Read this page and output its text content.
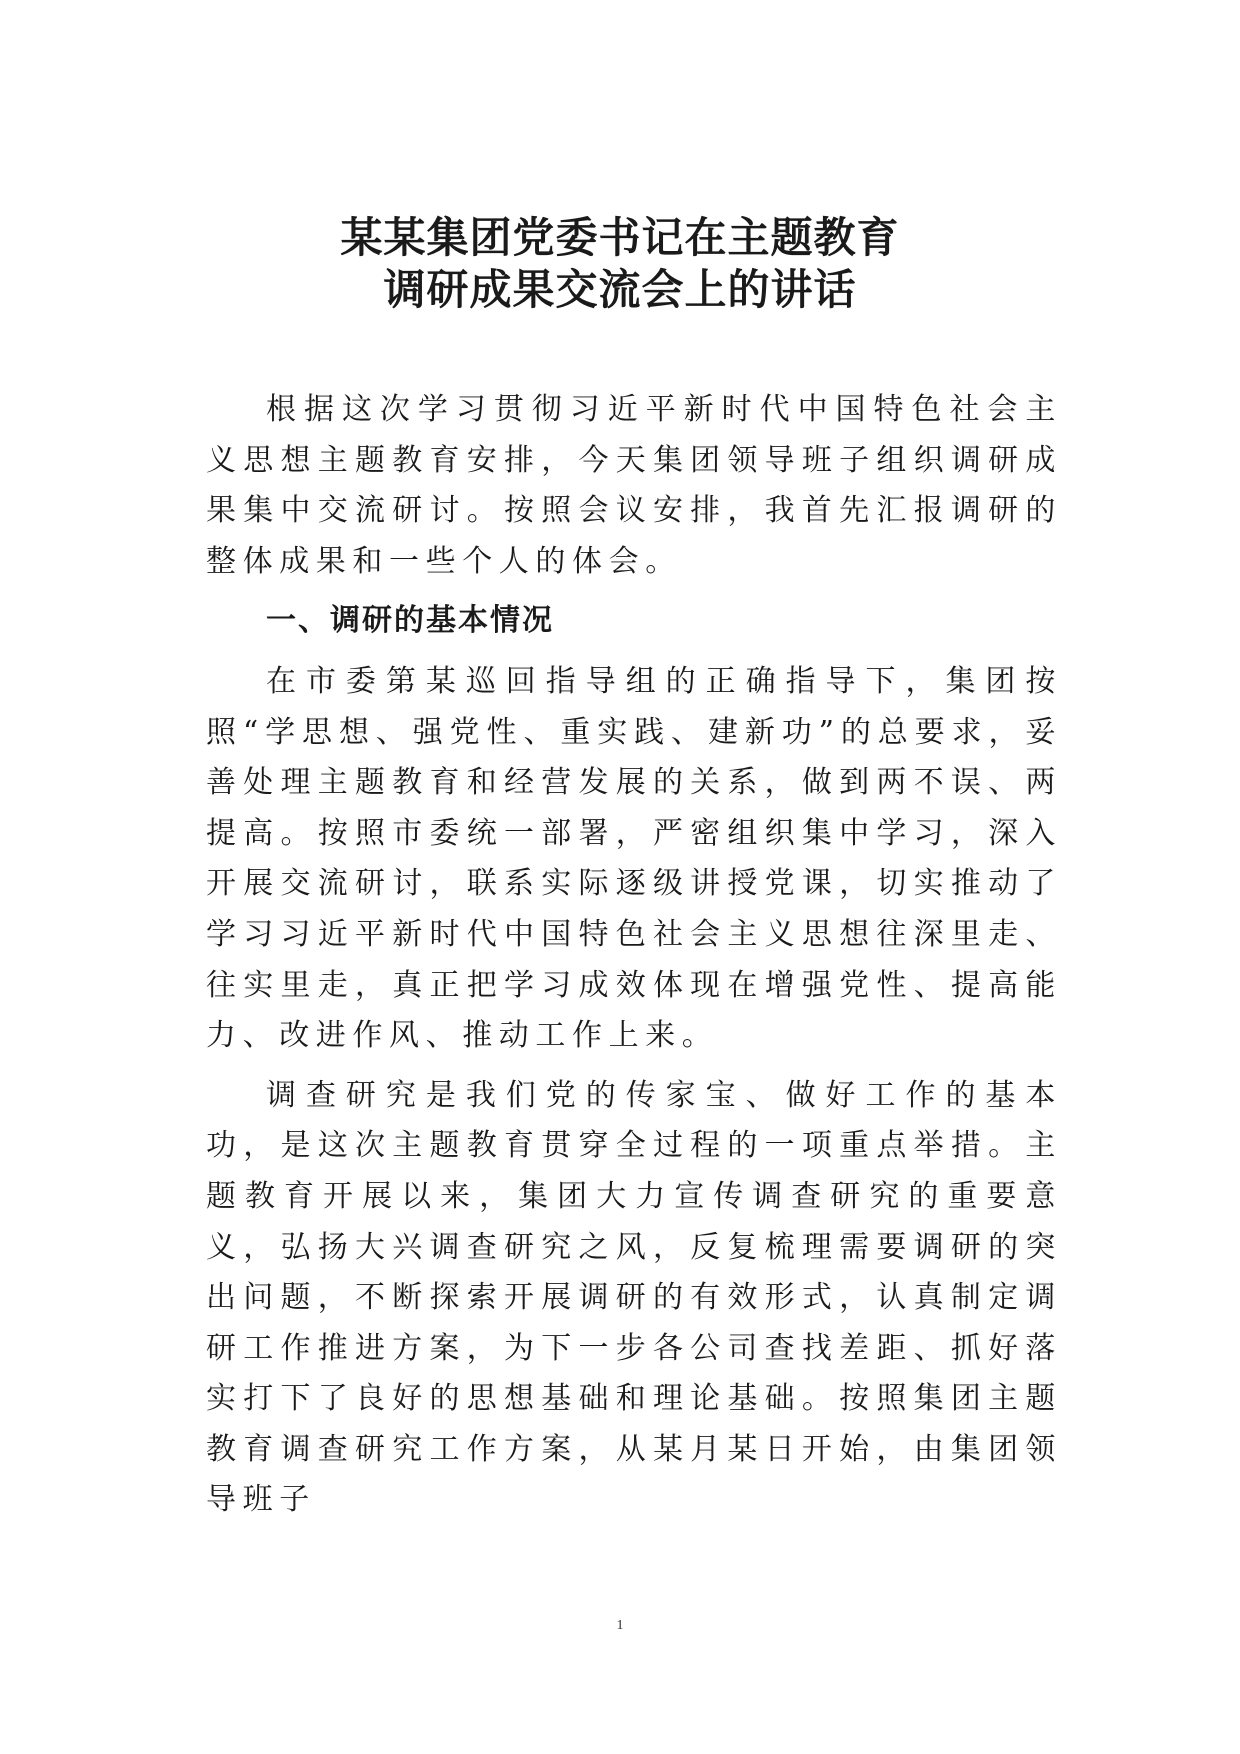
某某集团党委书记在主题教育
调研成果交流会上的讲话

根据这次学习贯彻习近平新时代中国特色社会主义思想主题教育安排，今天集团领导班子组织调研成果集中交流研讨。按照会议安排，我首先汇报调研的整体成果和一些个人的体会。

一、调研的基本情况

在市委第某巡回指导组的正确指导下，集团按照“学思想、强党性、重实践、建新功”的总要求，妥善处理主题教育和经营发展的关系，做到两不误、两提高。按照市委统一部署，严密组织集中学习，深入开展交流研讨，联系实际逐级讲授党课，切实推动了学习习近平新时代中国特色社会主义思想往深里走、往实里走，真正把学习成效体现在增强党性、提高能力、改进作风、推动工作上来。

调查研究是我们党的传家宝、做好工作的基本功，是这次主题教育贯穿全过程的一项重点举措。主题教育开展以来，集团大力宣传调查研究的重要意义，弘扬大兴调查研究之风，反复梳理需要调研的突出问题，不断探索开展调研的有效形式，认真制定调研工作推进方案，为下一步各公司查找差距、抓好落实打下了良好的思想基础和理论基础。按照集团主题教育调查研究工作方案，从某月某日开始，由集团领导班子

1
